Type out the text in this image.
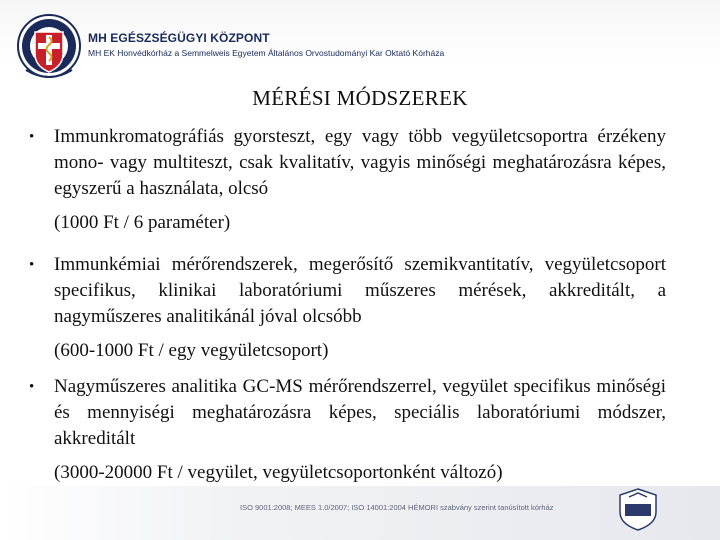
MH EGÉSZSÉGÜGYI KÖZPONT
MH EK Honvédkórház a Semmelweis Egyetem Általános Orvostudományi Kar Oktató Kórháza
MÉRÉSI MÓDSZEREK
• Immunkromatográfiás gyorsteszt, egy vagy több vegyületcsoportra érzékeny mono- vagy multiteszt, csak kvalitatív, vagyis minőségi meghatározásra képes, egyszerű a használata, olcsó
(1000 Ft / 6 paraméter)
• Immunkémiai mérőrendszerek, megerősítő szemikvantitatív, vegyületcsoport specifikus, klinikai laboratóriumi műszeres mérések, akkreditált, a nagyműszeres analitikánál jóval olcsóbb
(600-1000 Ft / egy vegyületcsoport)
• Nagyműszeres analitika GC-MS mérőrendszerrel, vegyület specifikus minőségi és mennyiségi meghatározásra képes, speciális laboratóriumi módszer, akkreditált
(3000-20000 Ft / vegyület, vegyületcsoportonként változó)
ISO 9001:2008; MEES 1.0/2007; ISO 14001:2004 HÉMORI szabvány szerint tanúsított kórház
